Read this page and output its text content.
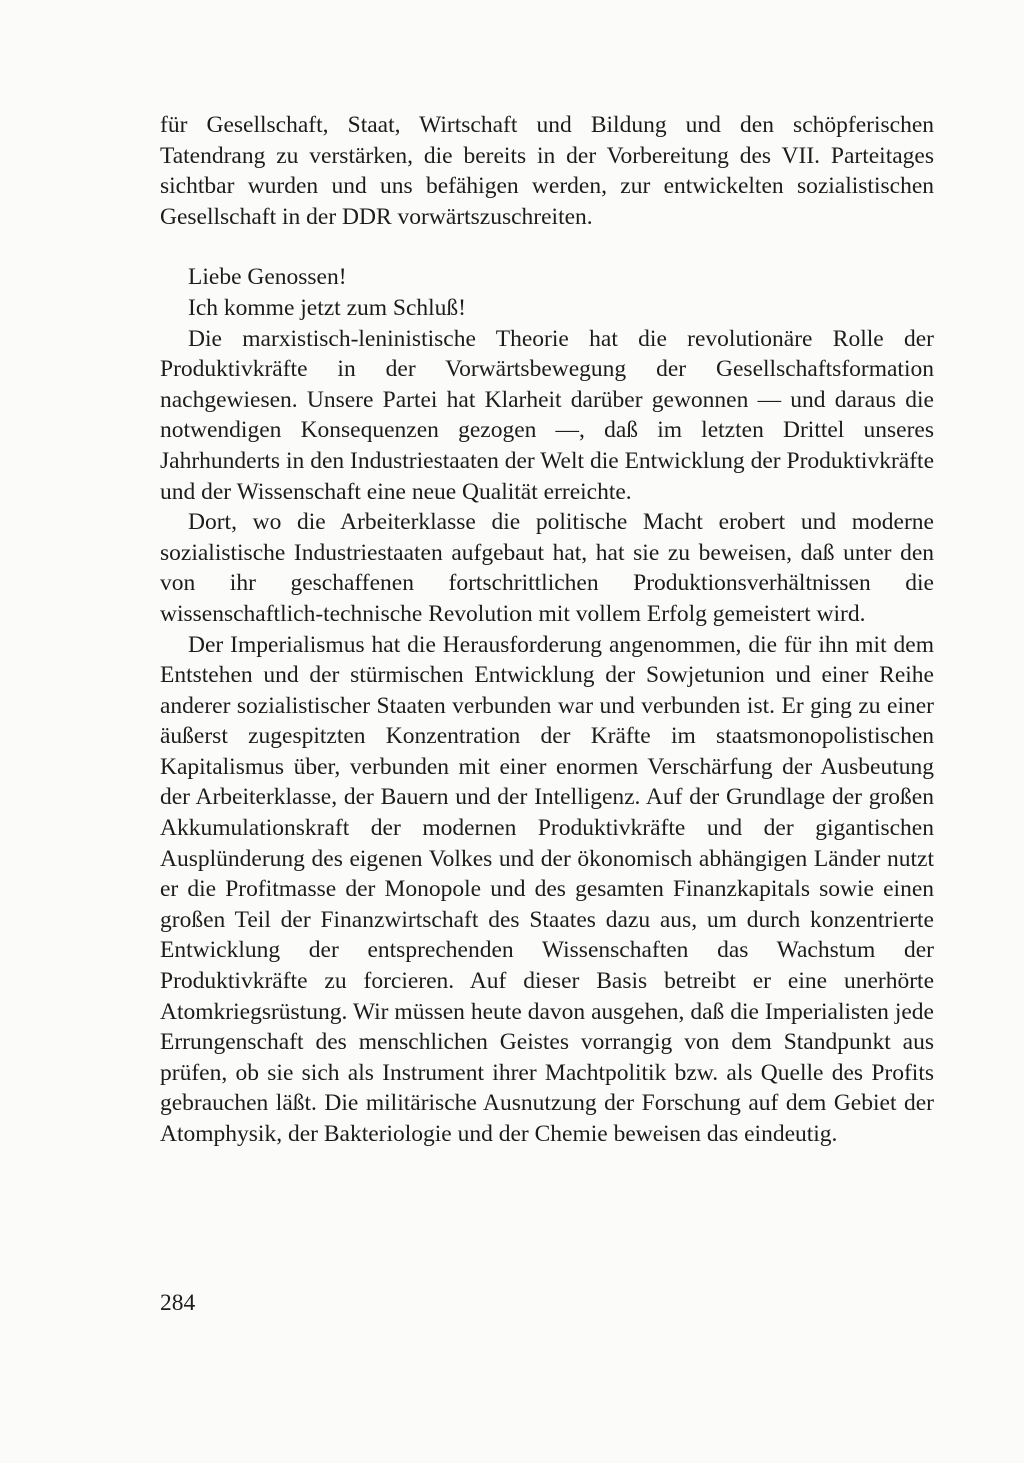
für Gesellschaft, Staat, Wirtschaft und Bildung und den schöpferischen Tatendrang zu verstärken, die bereits in der Vorbereitung des VII. Parteitages sichtbar wurden und uns befähigen werden, zur entwickelten sozialistischen Gesellschaft in der DDR vorwärtszuschreiten.

Liebe Genossen!

Ich komme jetzt zum Schluß!

Die marxistisch-leninistische Theorie hat die revolutionäre Rolle der Produktivkräfte in der Vorwärtsbewegung der Gesellschaftsformation nachgewiesen. Unsere Partei hat Klarheit darüber gewonnen — und daraus die notwendigen Konsequenzen gezogen —, daß im letzten Drittel unseres Jahrhunderts in den Industriestaaten der Welt die Entwicklung der Produktivkräfte und der Wissenschaft eine neue Qualität erreichte.

Dort, wo die Arbeiterklasse die politische Macht erobert und moderne sozialistische Industriestaaten aufgebaut hat, hat sie zu beweisen, daß unter den von ihr geschaffenen fortschrittlichen Produktionsverhältnissen die wissenschaftlich-technische Revolution mit vollem Erfolg gemeistert wird.

Der Imperialismus hat die Herausforderung angenommen, die für ihn mit dem Entstehen und der stürmischen Entwicklung der Sowjetunion und einer Reihe anderer sozialistischer Staaten verbunden war und verbunden ist. Er ging zu einer äußerst zugespitzten Konzentration der Kräfte im staatsmonopolistischen Kapitalismus über, verbunden mit einer enormen Verschärfung der Ausbeutung der Arbeiterklasse, der Bauern und der Intelligenz. Auf der Grundlage der großen Akkumulationskraft der modernen Produktivkräfte und der gigantischen Ausplünderung des eigenen Volkes und der ökonomisch abhängigen Länder nutzt er die Profitmasse der Monopole und des gesamten Finanzkapitals sowie einen großen Teil der Finanzwirtschaft des Staates dazu aus, um durch konzentrierte Entwicklung der entsprechenden Wissenschaften das Wachstum der Produktivkräfte zu forcieren. Auf dieser Basis betreibt er eine unerhörte Atomkriegsrüstung. Wir müssen heute davon ausgehen, daß die Imperialisten jede Errungenschaft des menschlichen Geistes vorrangig von dem Standpunkt aus prüfen, ob sie sich als Instrument ihrer Machtpolitik bzw. als Quelle des Profits gebrauchen läßt. Die militärische Ausnutzung der Forschung auf dem Gebiet der Atomphysik, der Bakteriologie und der Chemie beweisen das eindeutig.

284
